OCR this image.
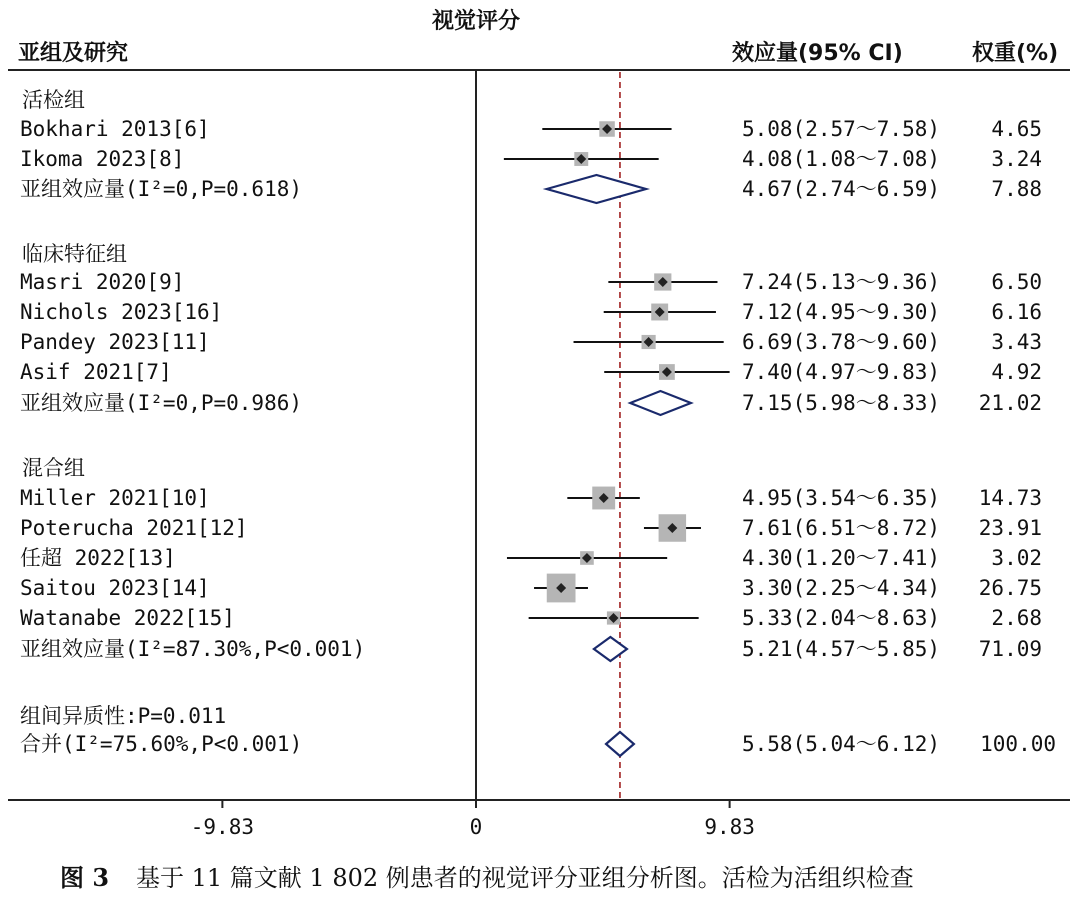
视觉评分
亚组及研究	效应量(95% CI)	权重(%)
活检组
Bokhari 2013[6]	5.08(2.57～7.58) 4.65
Ikoma 2023[8]	4.08(1.08～7.08) 3.24
亚组效应量(I²=0,P=0.618)	4.67(2.74～6.59) 7.88
临床特征组
Masri 2020[9]	7.24(5.13～9.36) 6.50
Nichols 2023[16]	7.12(4.95～9.30) 6.16
Pandey 2023[11]	6.69(3.78～9.60) 3.43
Asif 2021[7]	7.40(4.97～9.83) 4.92
亚组效应量(I²=0,P=0.986)	7.15(5.98～8.33) 21.02
混合组
Miller 2021[10]	4.95(3.54～6.35) 14.73
Poterucha 2021[12]	7.61(6.51～8.72) 23.91
任超 2022[13]	4.30(1.20～7.41) 3.02
Saitou 2023[14]	3.30(2.25～4.34) 26.75
Watanabe 2022[15]	5.33(2.04～8.63) 2.68
亚组效应量(I²=87.30%,P<0.001)	5.21(4.57～5.85) 71.09
组间异质性:P=0.011
合并(I²=75.60%,P<0.001)	5.58(5.04～6.12) 100.00
-9.83	0	9.83
图 3 基于 11 篇文献 1 802 例患者的视觉评分亚组分析图。活检为活组织检查
